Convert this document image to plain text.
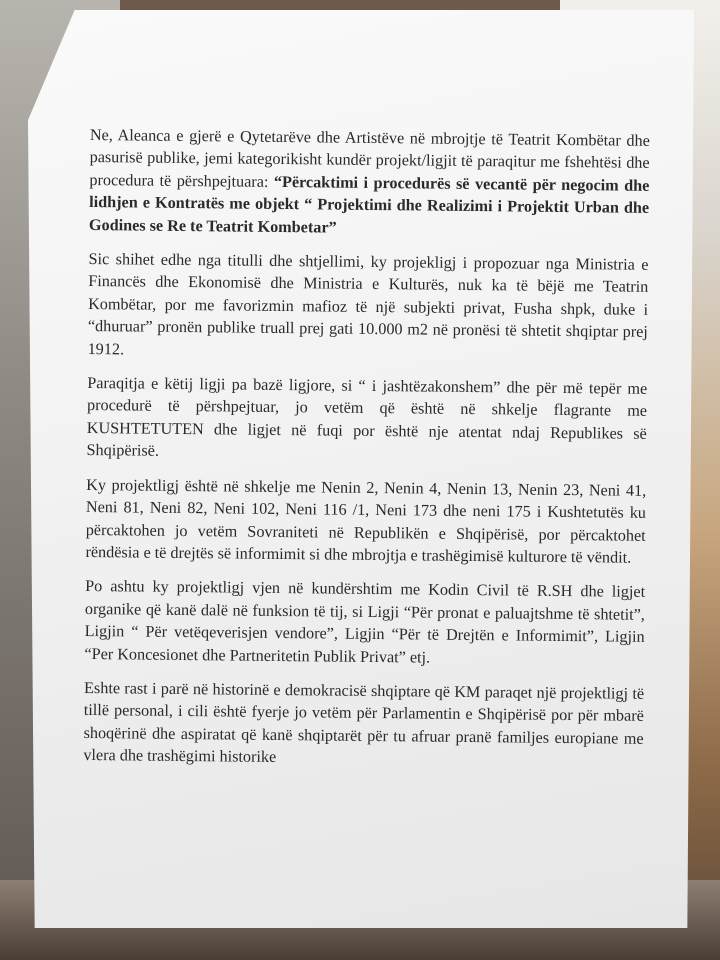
Ne, Aleanca e gjerë e Qytetarëve dhe Artistëve në mbrojtje të Teatrit Kombëtar dhe pasurisë publike, jemi kategorikisht kundër projekt/ligjit të paraqitur me fshehtësi dhe procedura të përshpejtuara: “Përcaktimi i procedurës së vecantë për negocim dhe lidhjen e Kontratës me objekt “ Projektimi dhe Realizimi i Projektit Urban dhe Godines se Re te Teatrit Kombetar”

Sic shihet edhe nga titulli dhe shtjellimi, ky projekligj i propozuar nga Ministria e Financës dhe Ekonomisë dhe Ministria e Kulturës, nuk ka të bëjë me Teatrin Kombëtar, por me favorizmin mafioz të një subjekti privat, Fusha shpk, duke i “dhuruar” pronën publike truall prej gati 10.000 m2 në pronësi të shtetit shqiptar prej 1912.

Paraqitja e këtij ligji pa bazë ligjore, si “ i jashtëzakonshem” dhe për më tepër me procedurë të përshpejtuar, jo vetëm që është në shkelje flagrante me KUSHTETUTEN dhe ligjet në fuqi por është nje atentat ndaj Republikes së Shqipërisë.

Ky projektligj është në shkelje me Nenin 2, Nenin 4, Nenin 13, Nenin 23, Neni 41, Neni 81, Neni 82, Neni 102, Neni 116 /1, Neni 173 dhe neni 175 i Kushtetutës ku përcaktohen jo vetëm Sovraniteti në Republikën e Shqipërisë, por përcaktohet rëndësia e të drejtës së informimit si dhe mbrojtja e trashëgimisë kulturore të vëndit.

Po ashtu ky projektligj vjen në kundërshtim me Kodin Civil të R.SH dhe ligjet organike që kanë dalë në funksion të tij, si Ligji “Për pronat e paluajtshme të shtetit”, Ligjin “ Për vetëqeverisjen vendore”, Ligjin “Për të Drejtën e Informimit”, Ligjin “Per Koncesionet dhe Partneritetin Publik Privat” etj.

Eshte rast i parë në historinë e demokracisë shqiptare që KM paraqet një projektligj të tillë personal, i cili është fyerje jo vetëm për Parlamentin e Shqipërisë por për mbarë shoqërinë dhe aspiratat që kanë shqiptarët për tu afruar pranë familjes europiane me vlera dhe trashëgimi historike
